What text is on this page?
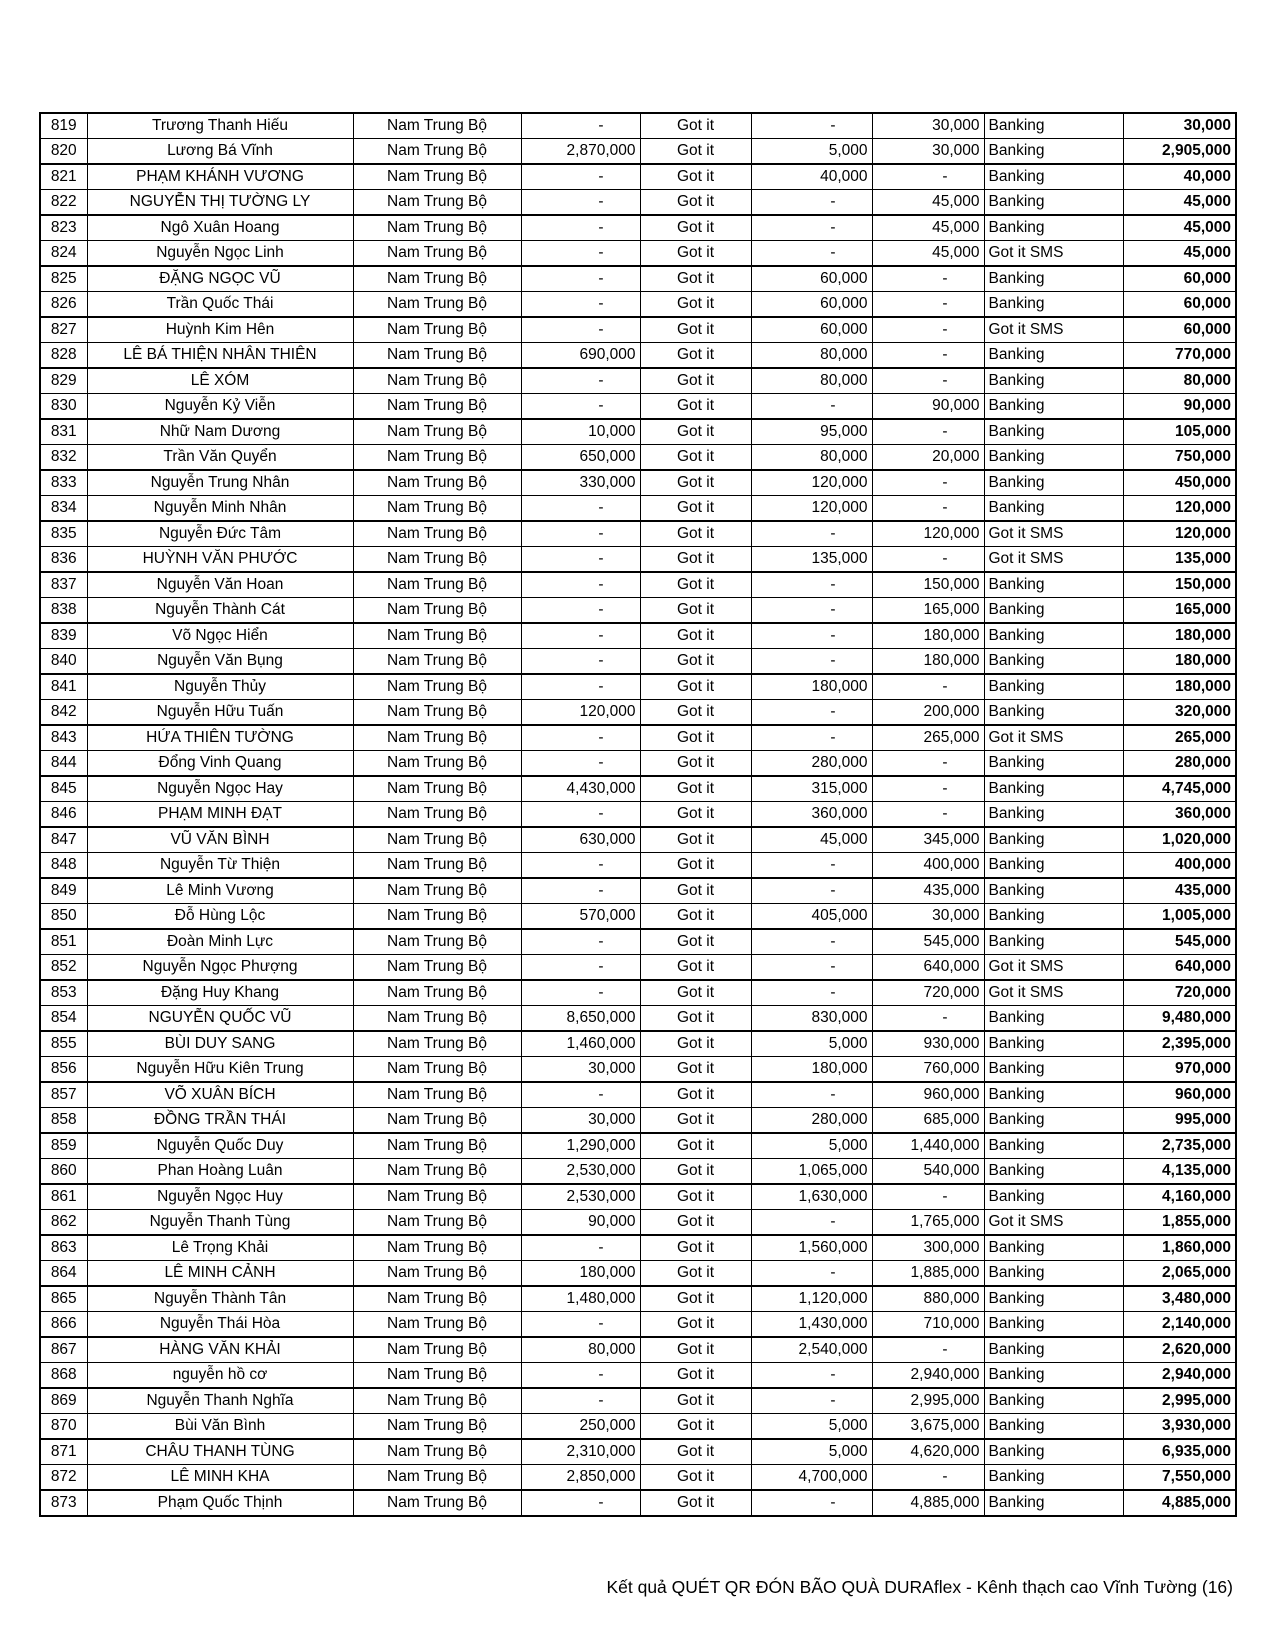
819	Trương Thanh Hiếu	Nam Trung Bộ	-	Got it	-	30,000	Banking	30,000
820	Lương Bá Vĩnh	Nam Trung Bộ	2,870,000	Got it	5,000	30,000	Banking	2,905,000
821	PHẠM KHÁNH VƯƠNG	Nam Trung Bộ	-	Got it	40,000	-	Banking	40,000
822	NGUYỄN THỊ TƯỜNG LY	Nam Trung Bộ	-	Got it	-	45,000	Banking	45,000
823	Ngô Xuân Hoang	Nam Trung Bộ	-	Got it	-	45,000	Banking	45,000
824	Nguyễn Ngọc Linh	Nam Trung Bộ	-	Got it	-	45,000	Got it SMS	45,000
825	ĐẶNG NGỌC VŨ	Nam Trung Bộ	-	Got it	60,000	-	Banking	60,000
826	Trần Quốc Thái	Nam Trung Bộ	-	Got it	60,000	-	Banking	60,000
827	Huỳnh Kim Hên	Nam Trung Bộ	-	Got it	60,000	-	Got it SMS	60,000
828	LÊ BÁ THIỆN NHÂN THIÊN	Nam Trung Bộ	690,000	Got it	80,000	-	Banking	770,000
829	LÊ XÓM	Nam Trung Bộ	-	Got it	80,000	-	Banking	80,000
830	Nguyễn Kỷ Viễn	Nam Trung Bộ	-	Got it	-	90,000	Banking	90,000
831	Nhữ Nam Dương	Nam Trung Bộ	10,000	Got it	95,000	-	Banking	105,000
832	Trần Văn Quyển	Nam Trung Bộ	650,000	Got it	80,000	20,000	Banking	750,000
833	Nguyễn Trung Nhân	Nam Trung Bộ	330,000	Got it	120,000	-	Banking	450,000
834	Nguyễn Minh Nhân	Nam Trung Bộ	-	Got it	120,000	-	Banking	120,000
835	Nguyễn Đức Tâm	Nam Trung Bộ	-	Got it	-	120,000	Got it SMS	120,000
836	HUỲNH VĂN PHƯỚC	Nam Trung Bộ	-	Got it	135,000	-	Got it SMS	135,000
837	Nguyễn Văn Hoan	Nam Trung Bộ	-	Got it	-	150,000	Banking	150,000
838	Nguyễn Thành Cát	Nam Trung Bộ	-	Got it	-	165,000	Banking	165,000
839	Võ Ngọc Hiển	Nam Trung Bộ	-	Got it	-	180,000	Banking	180,000
840	Nguyễn Văn Bụng	Nam Trung Bộ	-	Got it	-	180,000	Banking	180,000
841	Nguyễn Thủy	Nam Trung Bộ	-	Got it	180,000	-	Banking	180,000
842	Nguyễn Hữu Tuấn	Nam Trung Bộ	120,000	Got it	-	200,000	Banking	320,000
843	HỨA THIÊN TƯỜNG	Nam Trung Bộ	-	Got it	-	265,000	Got it SMS	265,000
844	Đổng Vinh Quang	Nam Trung Bộ	-	Got it	280,000	-	Banking	280,000
845	Nguyễn Ngọc Hay	Nam Trung Bộ	4,430,000	Got it	315,000	-	Banking	4,745,000
846	PHẠM MINH ĐẠT	Nam Trung Bộ	-	Got it	360,000	-	Banking	360,000
847	VŨ VĂN BÌNH	Nam Trung Bộ	630,000	Got it	45,000	345,000	Banking	1,020,000
848	Nguyễn Từ Thiện	Nam Trung Bộ	-	Got it	-	400,000	Banking	400,000
849	Lê Minh Vương	Nam Trung Bộ	-	Got it	-	435,000	Banking	435,000
850	Đỗ Hùng Lộc	Nam Trung Bộ	570,000	Got it	405,000	30,000	Banking	1,005,000
851	Đoàn Minh Lực	Nam Trung Bộ	-	Got it	-	545,000	Banking	545,000
852	Nguyễn Ngọc Phượng	Nam Trung Bộ	-	Got it	-	640,000	Got it SMS	640,000
853	Đặng Huy Khang	Nam Trung Bộ	-	Got it	-	720,000	Got it SMS	720,000
854	NGUYỄN QUỐC VŨ	Nam Trung Bộ	8,650,000	Got it	830,000	-	Banking	9,480,000
855	BÙI DUY SANG	Nam Trung Bộ	1,460,000	Got it	5,000	930,000	Banking	2,395,000
856	Nguyễn Hữu Kiên Trung	Nam Trung Bộ	30,000	Got it	180,000	760,000	Banking	970,000
857	VÕ XUÂN BÍCH	Nam Trung Bộ	-	Got it	-	960,000	Banking	960,000
858	ĐỒNG TRẦN THÁI	Nam Trung Bộ	30,000	Got it	280,000	685,000	Banking	995,000
859	Nguyễn Quốc Duy	Nam Trung Bộ	1,290,000	Got it	5,000	1,440,000	Banking	2,735,000
860	Phan Hoàng Luân	Nam Trung Bộ	2,530,000	Got it	1,065,000	540,000	Banking	4,135,000
861	Nguyễn Ngọc Huy	Nam Trung Bộ	2,530,000	Got it	1,630,000	-	Banking	4,160,000
862	Nguyễn Thanh Tùng	Nam Trung Bộ	90,000	Got it	-	1,765,000	Got it SMS	1,855,000
863	Lê Trọng Khải	Nam Trung Bộ	-	Got it	1,560,000	300,000	Banking	1,860,000
864	LÊ MINH CẢNH	Nam Trung Bộ	180,000	Got it	-	1,885,000	Banking	2,065,000
865	Nguyễn Thành Tân	Nam Trung Bộ	1,480,000	Got it	1,120,000	880,000	Banking	3,480,000
866	Nguyễn Thái Hòa	Nam Trung Bộ	-	Got it	1,430,000	710,000	Banking	2,140,000
867	HÀNG VĂN KHẢI	Nam Trung Bộ	80,000	Got it	2,540,000	-	Banking	2,620,000
868	nguyễn hồ cơ	Nam Trung Bộ	-	Got it	-	2,940,000	Banking	2,940,000
869	Nguyễn Thanh Nghĩa	Nam Trung Bộ	-	Got it	-	2,995,000	Banking	2,995,000
870	Bùi Văn Bình	Nam Trung Bộ	250,000	Got it	5,000	3,675,000	Banking	3,930,000
871	CHÂU THANH TÙNG	Nam Trung Bộ	2,310,000	Got it	5,000	4,620,000	Banking	6,935,000
872	LÊ MINH KHA	Nam Trung Bộ	2,850,000	Got it	4,700,000	-	Banking	7,550,000
873	Phạm Quốc Thịnh	Nam Trung Bộ	-	Got it	-	4,885,000	Banking	4,885,000
Kết quả QUÉT QR ĐÓN BÃO QUÀ DURAflex - Kênh thạch cao Vĩnh Tường (16)
